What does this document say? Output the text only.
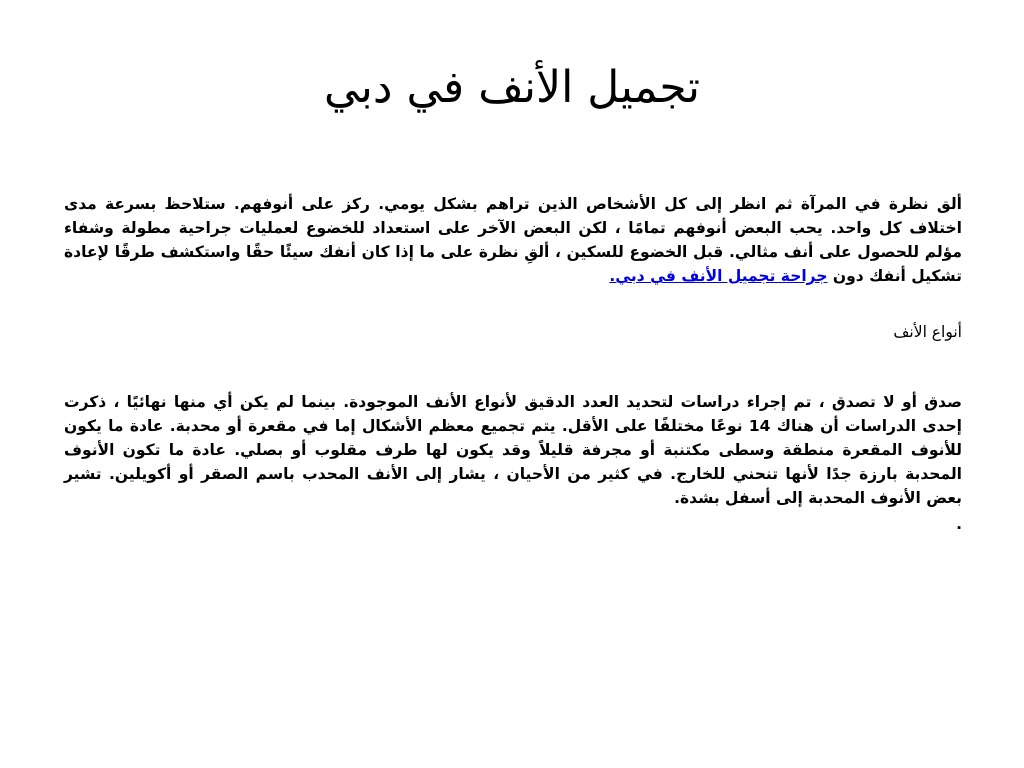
تجميل الأنف في دبي

ألق نظرة في المرآة ثم انظر إلى كل الأشخاص الذين تراهم بشكل يومي. ركز على أنوفهم. ستلاحظ بسرعة مدى اختلاف كل واحد. يحب البعض أنوفهم تمامًا ، لكن البعض الآخر على استعداد للخضوع لعمليات جراحية مطولة وشفاء مؤلم للحصول على أنف مثالي. قبل الخضوع للسكين ، ألقِ نظرة على ما إذا كان أنفك سيئًا حقًا واستكشف طرقًا لإعادة تشكيل أنفك دون جراحة تجميل الأنف في دبي.

أنواع الأنف

صدق أو لا تصدق ، تم إجراء دراسات لتحديد العدد الدقيق لأنواع الأنف الموجودة. بينما لم يكن أي منها نهائيًا ، ذكرت إحدى الدراسات أن هناك 14 نوعًا مختلفًا على الأقل. يتم تجميع معظم الأشكال إما في مقعرة أو محدبة. عادة ما يكون للأنوف المقعرة منطقة وسطى مكتنبة أو مجرفة قليلاً وقد يكون لها طرف مقلوب أو بصلي. عادة ما تكون الأنوف المحدبة بارزة جدًا لأنها تنحني للخارج. في كثير من الأحيان ، يشار إلى الأنف المحدب باسم الصقر أو أكويلين. تشير بعض الأنوف المحدبة إلى أسفل بشدة.

.
